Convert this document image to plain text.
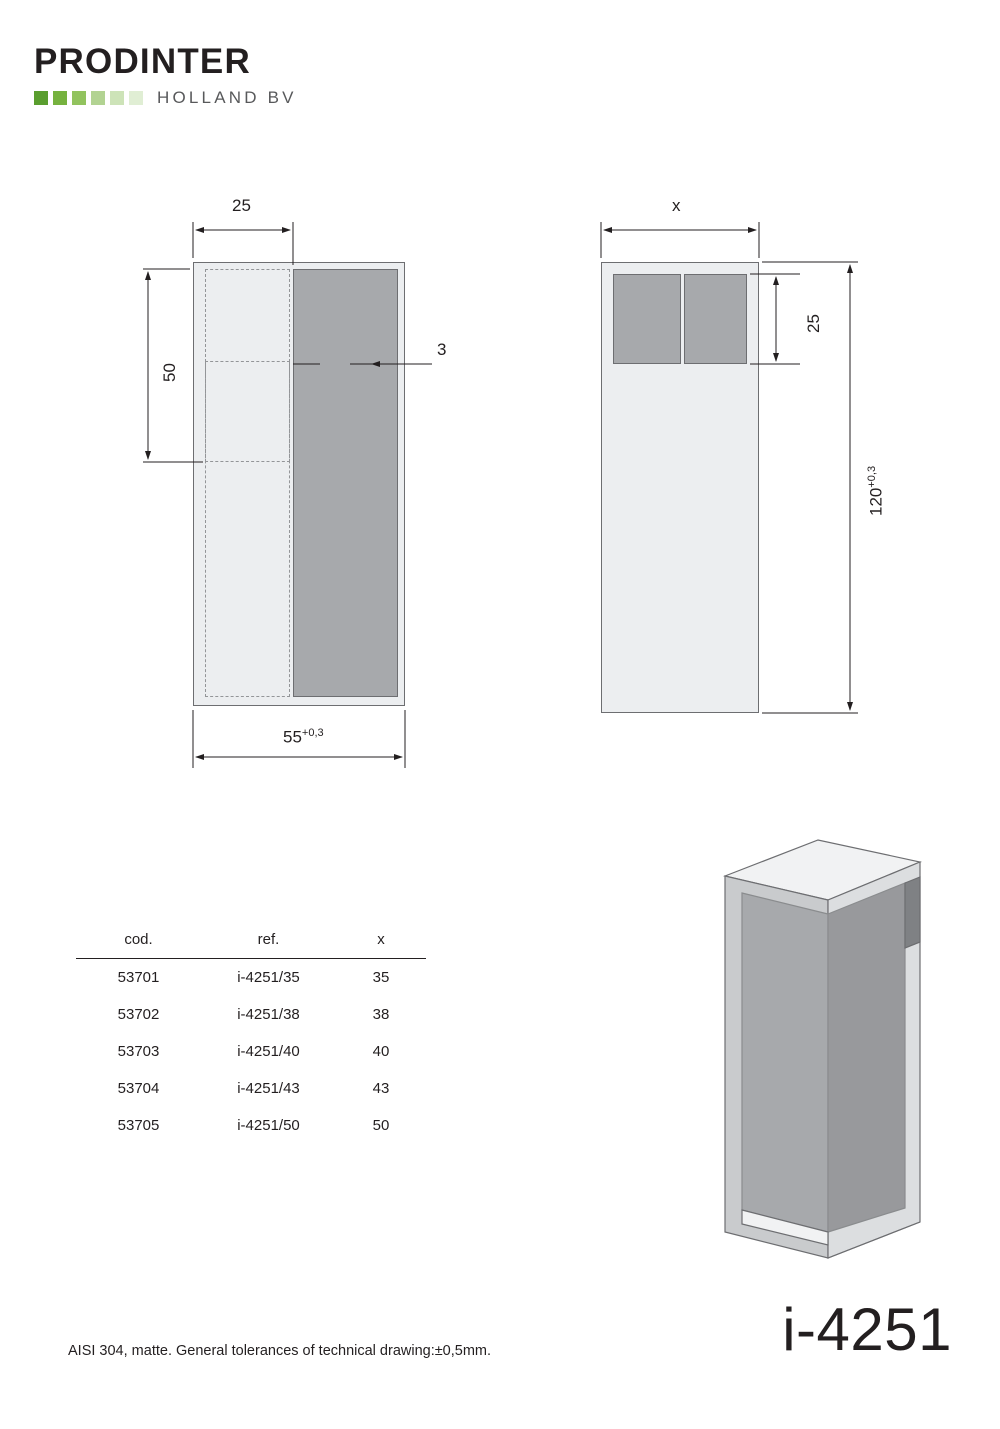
PRODINTER
HOLLAND BV
25
50
3
$55^{+0,3}$
x
25
$120^{+0,3}$
cod.	ref.	x
53701	i-4251/35	35
53702	i-4251/38	38
53703	i-4251/40	40
53704	i-4251/43	43
53705	i-4251/50	50
AISI 304, matte. General tolerances of technical drawing:±0,5mm.	i-4251
